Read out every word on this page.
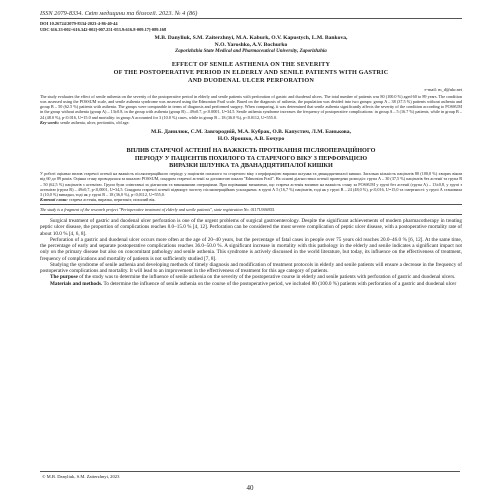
ISSN 2079-8334. Світ медицини та біології. 2023. № 4 (86)
DOI 10.26724/2079-8334-2023-4-86-40-44
UDC 616.33-002+616.342-002]-007.251-053.9:616.8-009.17]-089.168
M.B. Danyliuk, S.M. Zaiterzhnyi, M.A. Kaburk, O.V. Kapustych, L.M. Bankova,
N.O. Yaroshko, A.V. Bochurko
Zaporizhzhia State Medical and Pharmaceutical University, Zaporizhzhia
EFFECT OF SENILE ASTHENIA ON THE SEVERITY
OF THE POSTOPERATIVE PERIOD IN ELDERLY AND SENILE PATIENTS WITH GASTRIC
AND DUODENAL ULCER PERFORATION
e-mail: m_d@ukr.net
The study evaluates the effect of senile asthenia on the severity of the postoperative period in elderly and senile patients with perforation of gastric and duodenal ulcers. The total number of patients was 80 (100.0 %) aged 60 to 89 years. The condition was assessed using the POSSUM scale, and senile asthenia syndrome was assessed using the Edmonton Frail scale. Based on the diagnosis of asthenia, the population was divided into two groups: group A – 38 (37.5 %) patients without asthenia and group B – 50 (62.5 %) patients with asthenia. The groups were comparable in terms of diagnosis and performed surgery. When comparing, it was determined that senile asthenia significantly affects the severity of the condition according to POSSUM in the group without asthenia (group A) – 13±0.8, in the group with asthenia (group B) – 49±0.7, p<0.0001, U=34.5. Senile asthenia syndrome increases the frequency of postoperative complications: in group A – 5 (16.7 %) patients, while in group B – 24 (48.0 %), p<0.016, U=15.0 and mortality: in group A accounted for 3 (10.0 %) cases, while in group B – 18 (36.0 %), p<0.0112, U=555.0.
Key words: senile asthenia, ulcer, peritonitis, old age.
М.Б. Данилюк, С.М. Завгородній, М.А. Кубрак, О.В. Капустич, Л.М. Банькова,
Н.О. Ярошко, А.В. Бочуро
ВПЛИВ СТАРЕЧОЇ АСТЕНІЇ НА ВАЖКІСТЬ ПРОТІКАННЯ ПІСЛЯОПЕРАЦІЙНОГО
ПЕРІОДУ У ПАЦІЄНТІВ ПОХИЛОГО ТА СТАРЕЧОГО ВІКУ З ПЕРФОРАЦІЄЮ
ВИРАЗКИ ШЛУНКА ТА ДВАНАДЦЯТИПАЛОЇ КИШКИ
У роботі оцінено вплив старечої астенії на важкість післяопераційного періоду у пацієнтів похилого та старечого віку з перфорацією виразки шлунка та дванадцятипалої кишки. Загальна кількість пацієнтів 80 (100,0 %) хворих віком від 60 до 89 років. Оцінка стану проводилася за шкалою POSSUM, синдром старечої астенії за допомогою шкали "Edmonton Frail". На основі діагностики астенії проведено розподіл: група А – 30 (37,5 %) пацієнтів без астенії та група В – 50 (62,5 %) пацієнтів з астенією. Групи були співставні за діагнозом та виконаними операціями. При порівнянні визначено, що стареча астенія впливає на важкість стану за POSSUM у групі без астенії (група А) – 13±0,8, у групі з астенією (група В) – 49±0,7, p<0,0001, U=34,5. Синдром старечої астенії підвищує частоту післяопераційних ускладнень: в групі А 5 (16,7 %) пацієнтів, тоді як у групі В – 24 (48,0 %), p<0,016, U=15,0 та смертності: у групі А становила 3 (10,0 %) випадки, тоді як у групі В – 18 (36,0 %), p<0,0112, U=555,0.
Ключові слова: стареча астенія, виразка, перитоніт, похилий вік.
The study is a fragment of the research project "Perioperative treatment of elderly and senile patients", state registration No. 0117U006955.

Surgical treatment of gastric and duodenal ulcer perforation is one of the urgent problems of surgical gastroenterology. Despite the significant achievements of modern pharmacotherapy in treating peptic ulcer disease, the proportion of complications reaches 8.0–15.0 % [4, 12]. Perforation can be considered the most severe complication of peptic ulcer disease, with a postoperative mortality rate of about 10.0 % [4, 6, 8].

Perforation of a gastric and duodenal ulcer occurs more often at the age of 20–40 years, but the percentage of fatal cases in people over 75 years old reaches 20.0–46.0 % [6, 12]. At the same time, the percentage of early and separate postoperative complications reaches 36.0–50.0 %. A significant increase in mortality with this pathology in the elderly and senile indicates a significant impact not only on the primary disease but also on concomitant pathology and senile asthenia. This syndrome is actively discussed in the world literature, but today, its influence on the effectiveness of treatment, frequency of complications and mortality of patients is not sufficiently studied [7, 8].

Studying the syndrome of senile asthenia and developing methods of timely diagnosis and modification of treatment protocols in elderly and senile patients will ensure a decrease in the frequency of postoperative complications and mortality. It will lead to an improvement in the effectiveness of treatment for this age category of patients.

The purpose of the study was to determine the influence of senile asthenia on the severity of the postoperative course in elderly and senile patients with perforation of gastric and duodenal ulcers.

Materials and methods. To determine the influence of senile asthenia on the course of the postoperative period, we included 80 (100.0 %) patients with perforation of a gastric and duodenal ulcer

© M.B. Danyliuk, S.M. Zaiterzhnyi, 2023
40
